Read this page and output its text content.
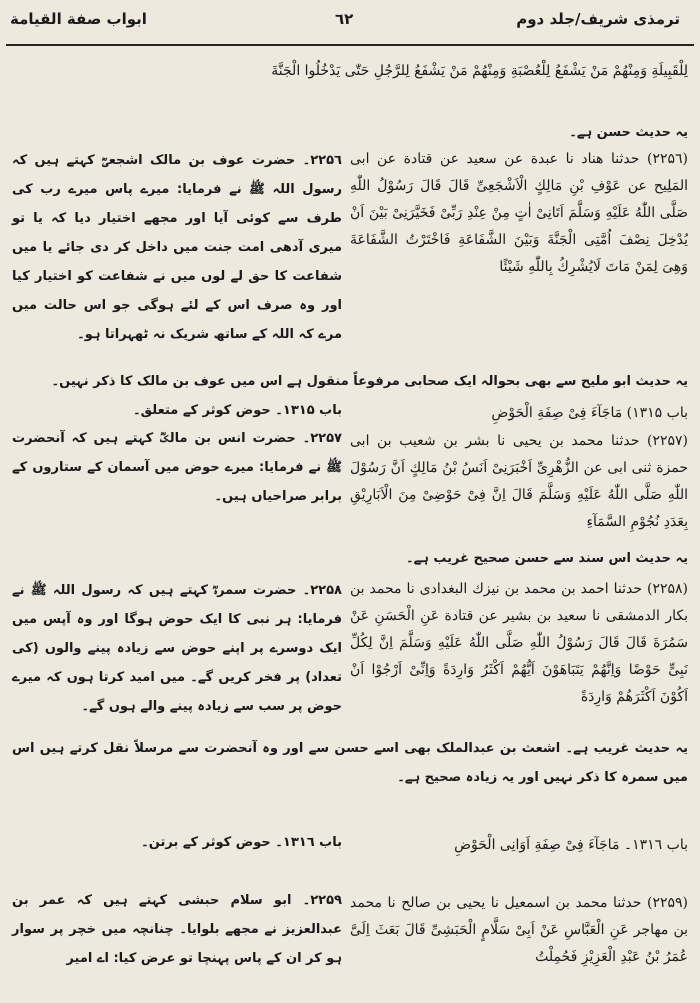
ترمذی شریف/جلد دوم
٦٢
ابواب صفة القیامة
لِلْقَبِیلَةِ وَمِنْهُمْ مَنْ یَشْفَعُ لِلْعُصْبَةِ وَمِنْهُمْ مَنْ یَشْفَعُ لِلرَّجُلِ حَتّٰی یَدْخُلُوا الْجَنَّةَ
یہ حدیث حسن ہے۔
(۲۲۵٦) حدثنا هناد نا عبدة عن سعید عن قتادة عن ابی المَلِیح عن عَوْفِ بْنِ مَالِكٍ الْاَشْجَعِیِّ قَالَ قَالَ رَسُوْلُ اللّٰهِ صَلَّى اللّٰهُ عَلَیْهِ وَسَلَّمَ اَتَانِیْ اٰتٍ مِنْ عِنْدِ رَبِّیْ فَخَیَّرَنِیْ بَیْنَ اَنْ یُدْخِلَ نِصْفَ اُمَّتِی الْجَنَّةَ وَبَیْنَ الشَّفَاعَةِ فَاخْتَرْتُ الشَّفَاعَةَ وَهِیَ لِمَنْ مَاتَ لَایُشْرِكُ بِاللّٰهِ شَیْئًا
۲۲۵٦۔ حضرت عوف بن مالک اشجعیؓ کہتے ہیں کہ رسول اللہ ﷺ نے فرمایا: میرے پاس میرے رب کی طرف سے کوئی آیا اور مجھے اختیار دیا کہ یا تو میری آدھی امت جنت میں داخل کر دی جائے یا میں شفاعت کا حق لے لوں میں نے شفاعت کو اختیار کیا اور وہ صرف اس کے لئے ہوگی جو اس حالت میں مرے کہ اللہ کے ساتھ شریک نہ ٹھہراتا ہو۔
یہ حدیث ابو ملیح سے بھی بحوالہ ایک صحابی مرفوعاً منقول ہے اس میں عوف بن مالک کا ذکر نہیں۔
باب ۱۳۱۵) مَاجَآءَ فِیْ صِفَةِ الْحَوْضِ
باب ۱۳۱۵۔ حوض کوثر کے متعلق۔
(۲۲۵۷) حدثنا محمد بن یحیی نا بشر بن شعیب بن ابی حمزة ثنی ابی عن الزُّهْرِیِّ اَخْبَرَنِیْ اَنَسُ بْنُ مَالِكٍ اَنَّ رَسُوْلَ اللّٰهِ صَلَّى اللّٰهُ عَلَیْهِ وَسَلَّمَ قَالَ اِنَّ فِیْ حَوْضِیْ مِنَ الْاَبَارِیْقِ بِعَدَدِ نُجُوْمِ السَّمَآءِ
۲۲۵۷۔ حضرت انس بن مالکؓ کہتے ہیں کہ آنحضرت ﷺ نے فرمایا: میرے حوض میں آسمان کے ستاروں کے برابر صراحیاں ہیں۔
یہ حدیث اس سند سے حسن صحیح غریب ہے۔
(۲۲۵۸) حدثنا احمد بن محمد بن نیزك البغدادی نا محمد بن بكار الدمشقی نا سعید بن بشیر عن قتادة عَنِ الْحَسَنِ عَنْ سَمُرَةَ قَالَ قَالَ رَسُوْلُ اللّٰهِ صَلَّى اللّٰهُ عَلَیْهِ وَسَلَّمَ اِنَّ لِكُلِّ نَبِیٍّ حَوْضًا وَاِنَّهُمْ یَتَبَاهَوْنَ اَیُّهُمْ اَكْثَرُ وَارِدَةً وَاِنِّیْ اَرْجُوْا اَنْ اَكُوْنَ اَكْثَرَهُمْ وَارِدَةً
۲۲۵۸۔ حضرت سمرہؓ کہتے ہیں کہ رسول اللہ ﷺ نے فرمایا: ہر نبی کا ایک حوض ہوگا اور وہ آپس میں ایک دوسرے پر اپنے حوض سے زیادہ پینے والوں (کی تعداد) پر فخر کریں گے۔ میں امید کرتا ہوں کہ میرے حوض پر سب سے زیادہ پینے والے ہوں گے۔
یہ حدیث غریب ہے۔ اشعث بن عبدالملک بھی اسے حسن سے اور وہ آنحضرت سے مرسلاً نقل کرتے ہیں اس میں سمرہ کا ذکر نہیں اور یہ زیادہ صحیح ہے۔
باب ۱۳۱٦۔ مَاجَآءَ فِیْ صِفَةِ اَوَانِی الْحَوْضِ
باب ۱۳۱٦۔ حوض کوثر کے برتن۔
(۲۲۵۹) حدثنا محمد بن اسمعیل نا یحیی بن صالح نا محمد بن مهاجر عَنِ الْعَبَّاسِ عَنْ اَبِیْ سَلَّامٍ الْحَبَشِیِّ قَالَ بَعَثَ اِلَیَّ عُمَرُ بْنُ عَبْدِ الْعَزِیْزِ فَحُمِلْتُ
۲۲۵۹۔ ابو سلام حبشی کہتے ہیں کہ عمر بن عبدالعزیز نے مجھے بلوایا۔ چنانچہ میں خچر پر سوار ہو کر ان کے پاس پہنچا تو عرض کیا: اے امیر
